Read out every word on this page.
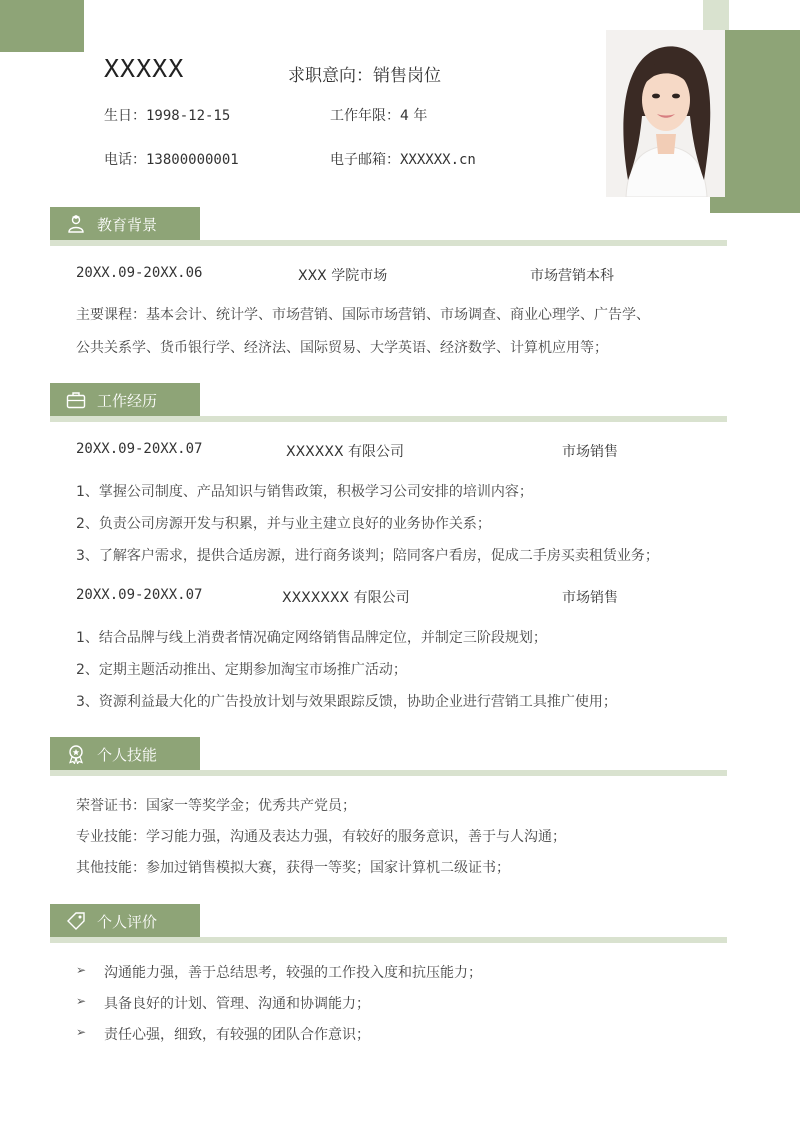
XXXXX	求职意向：销售岗位
生日：1998-12-15	工作年限：4 年
电话：13800000001	电子邮箱：XXXXXX.cn
教育背景
20XX.09-20XX.06	XXX 学院市场	市场营销本科
主要课程：基本会计、统计学、市场营销、国际市场营销、市场调查、商业心理学、广告学、
公共关系学、货币银行学、经济法、国际贸易、大学英语、经济数学、计算机应用等；
工作经历
20XX.09-20XX.07	XXXXXX 有限公司	市场销售
1、掌握公司制度、产品知识与销售政策，积极学习公司安排的培训内容；
2、负责公司房源开发与积累，并与业主建立良好的业务协作关系；
3、了解客户需求，提供合适房源，进行商务谈判；陪同客户看房，促成二手房买卖租赁业务；
20XX.09-20XX.07	XXXXXXX 有限公司	市场销售
1、结合品牌与线上消费者情况确定网络销售品牌定位，并制定三阶段规划；
2、定期主题活动推出、定期参加淘宝市场推广活动；
3、资源利益最大化的广告投放计划与效果跟踪反馈，协助企业进行营销工具推广使用；
个人技能
荣誉证书：国家一等奖学金；优秀共产党员；
专业技能：学习能力强，沟通及表达力强，有较好的服务意识，善于与人沟通；
其他技能：参加过销售模拟大赛，获得一等奖；国家计算机二级证书；
个人评价
➢ 沟通能力强，善于总结思考，较强的工作投入度和抗压能力；
➢ 具备良好的计划、管理、沟通和协调能力；
➢ 责任心强，细致，有较强的团队合作意识；
